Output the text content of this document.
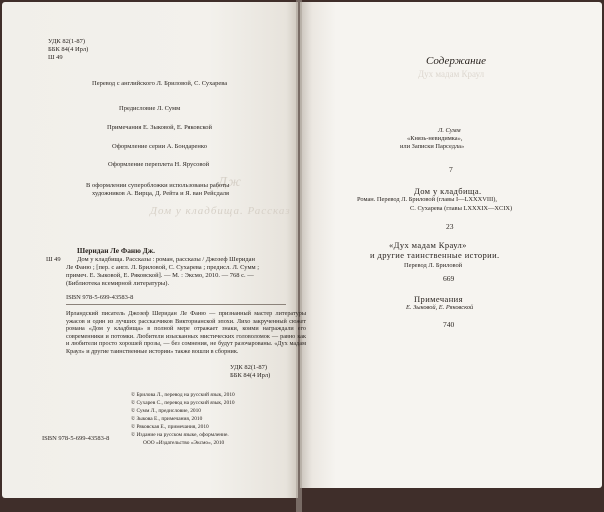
УДК 82(1-87)
ББК 84(4 Ирл)
Ш 49
Перевод с английского Л. Бриловой, С. Сухарева
Предисловие Л. Сумм
Примечания Е. Зыковой, Е. Ряковской
Оформление серии А. Бондаренко
Оформление переплета Н. Ярусовой
Дж
В оформлении суперобложки использованы работы
художников А. Вирца, Д. Рейта и Я. ван Рейсдаля
Дом у кладбища. Рассказ
Шеридан Ле Фаню Дж.
Ш 49	Дом у кладбища. Рассказы : роман, рассказы / Джозеф Шеридан
Ле Фаню ; [пер. с англ. Л. Бриловой, С. Сухарева ; предисл. Л. Сумм ;
примеч. Е. Зыковой, Е. Ряковской]. — М. : Эксмо, 2010. — 768 с. —
(Библиотека всемирной литературы).
ISBN 978-5-699-43583-8
Ирландский писатель Джозеф Шеридан Ле Фаню — признанный мастер литературы ужасов и один из лучших рассказчиков Викторианской эпохи. Лихо закрученный сюжет романа «Дом у кладбища» в полной мере отражает знаки, коими награждали его современники и потомки. Любители изысканных мистических головоломок — равно как и любители просто хорошей прозы, — без сомнения, не будут разочарованы. «Дух мадам Краул» и другие таинственные истории» также вошли в сборник.
УДК 82(1-87)
ББК 84(4 Ирл)
© Брилова Л., перевод на русский язык, 2010
© Сухарев С., перевод на русский язык, 2010
© Сумм Л., предисловие, 2010
© Зыкова Е., примечания, 2010
© Ряковская Е., примечания, 2010
© Издание на русском языке, оформление.
ООО «Издательство «Эксмо», 2010
ISBN 978-5-699-43583-8
Содержание
Дух мадам Краул
Л. Сумм
«Князь-невидимка»,
или Записки Парседла»
7
Дом у кладбища.
Роман. Перевод Л. Бриловой (главы I—LXXXVIII),
С. Сухарева (главы LXXXIX—XCIX)
23
«Дух мадам Краул»
и другие таинственные истории.
Перевод Л. Бриловой
669
Примечания
Е. Зыковой, Е. Ряковской
740
